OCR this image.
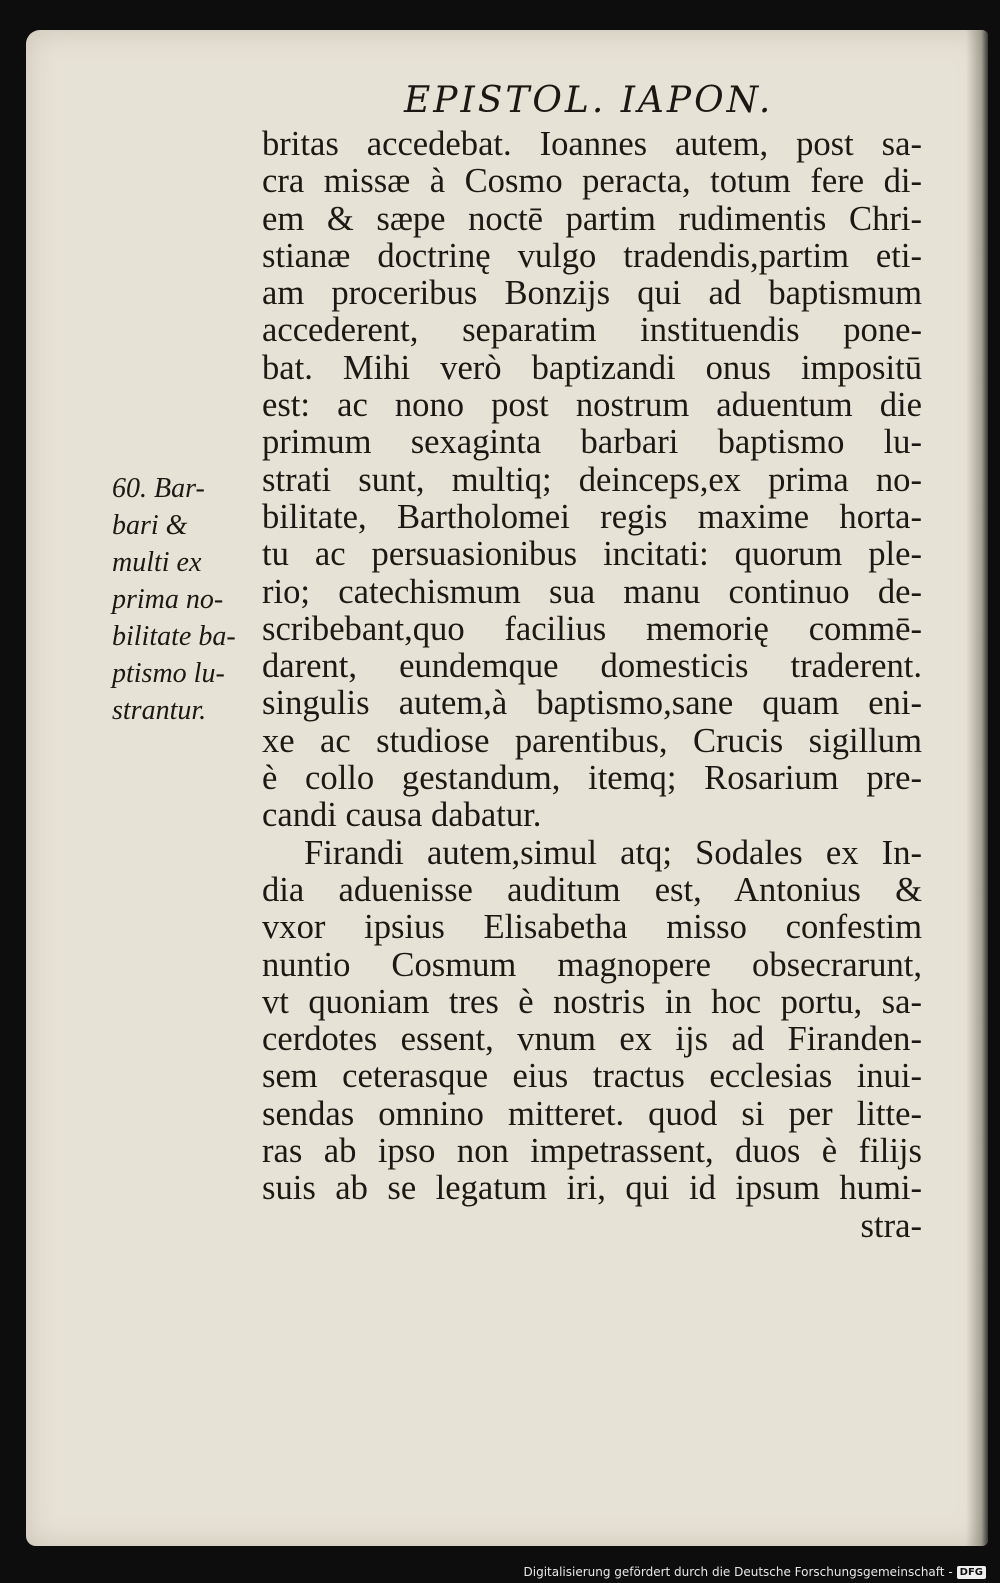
EPISTOL. IAPON.
60. Bar-
bari &
multi ex
prima no-
bilitate ba-
ptismo lu-
strantur.
britas accedebat. Ioannes autem, post sa-
cra missæ à Cosmo peracta, totum fere di-
em & sæpe noctē partim rudimentis Chri-
stianæ doctrinę vulgo tradendis,partim eti-
am proceribus Bonzijs qui ad baptismum
accederent, separatim instituendis pone-
bat. Mihi verò baptizandi onus impositū
est: ac nono post nostrum aduentum die
primum sexaginta barbari baptismo lu-
strati sunt, multiq; deinceps,ex prima no-
bilitate, Bartholomei regis maxime horta-
tu ac persuasionibus incitati: quorum ple-
rio; catechismum sua manu continuo de-
scribebant,quo facilius memorię commē-
darent, eundemque domesticis traderent.
singulis autem,à baptismo,sane quam eni-
xe ac studiose parentibus, Crucis sigillum
è collo gestandum, itemq; Rosarium pre-
candi causa dabatur.
Firandi autem,simul atq; Sodales ex In-
dia aduenisse auditum est, Antonius &
vxor ipsius Elisabetha misso confestim
nuntio Cosmum magnopere obsecrarunt,
vt quoniam tres è nostris in hoc portu, sa-
cerdotes essent, vnum ex ijs ad Firanden-
sem ceterasque eius tractus ecclesias inui-
sendas omnino mitteret. quod si per litte-
ras ab ipso non impetrassent, duos è filijs
suis ab se legatum iri, qui id ipsum humi-
stra-
Digitalisierung gefördert durch die Deutsche Forschungsgemeinschaft - DFG
